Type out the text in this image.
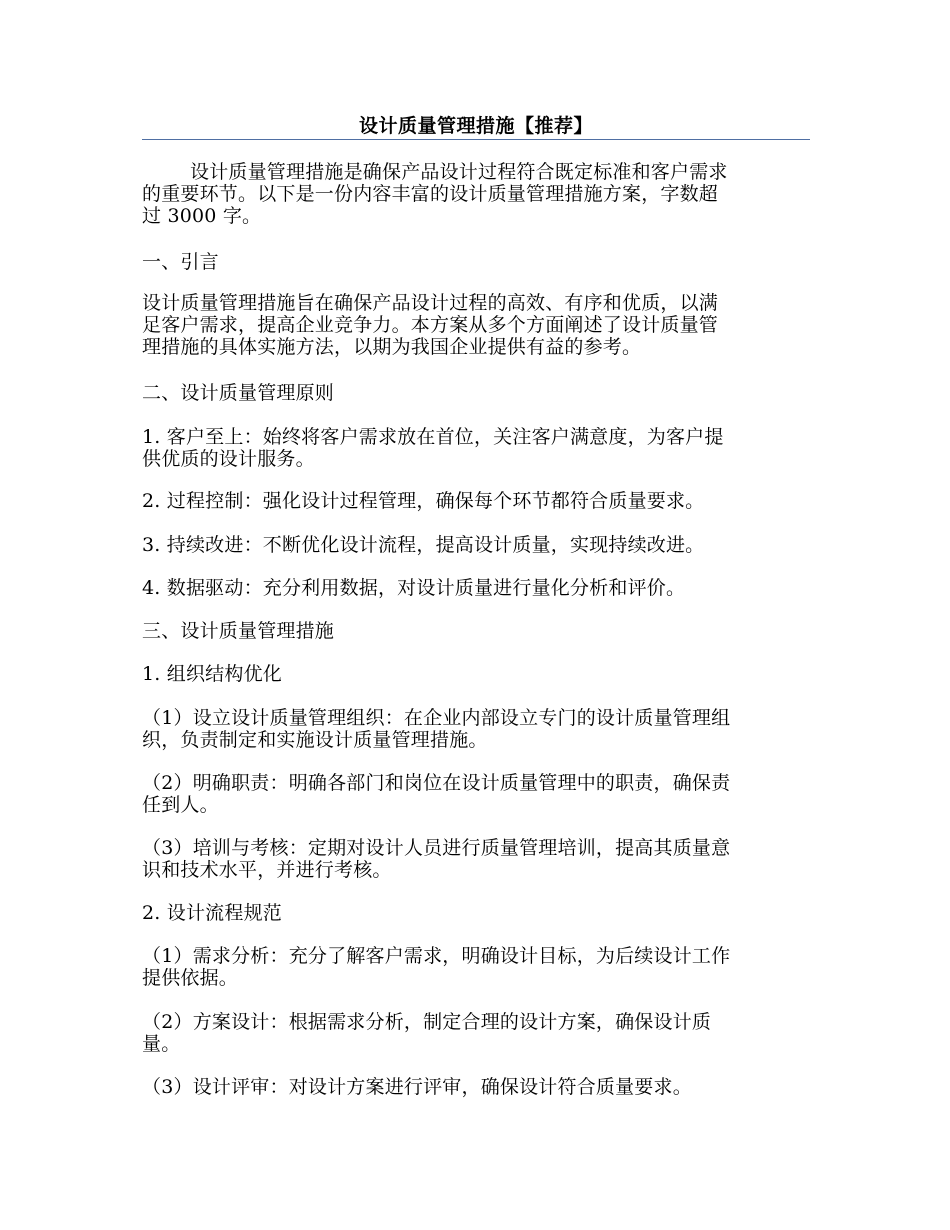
设计质量管理措施【推荐】
设计质量管理措施是确保产品设计过程符合既定标准和客户需求
的重要环节。以下是一份内容丰富的设计质量管理措施方案，字数超
过 3000 字。
一、引言
设计质量管理措施旨在确保产品设计过程的高效、有序和优质，以满
足客户需求，提高企业竞争力。本方案从多个方面阐述了设计质量管
理措施的具体实施方法，以期为我国企业提供有益的参考。
二、设计质量管理原则
1. 客户至上：始终将客户需求放在首位，关注客户满意度，为客户提
供优质的设计服务。
2. 过程控制：强化设计过程管理，确保每个环节都符合质量要求。
3. 持续改进：不断优化设计流程，提高设计质量，实现持续改进。
4. 数据驱动：充分利用数据，对设计质量进行量化分析和评价。
三、设计质量管理措施
1. 组织结构优化
（1）设立设计质量管理组织：在企业内部设立专门的设计质量管理组
织，负责制定和实施设计质量管理措施。
（2）明确职责：明确各部门和岗位在设计质量管理中的职责，确保责
任到人。
（3）培训与考核：定期对设计人员进行质量管理培训，提高其质量意
识和技术水平，并进行考核。
2. 设计流程规范
（1）需求分析：充分了解客户需求，明确设计目标，为后续设计工作
提供依据。
（2）方案设计：根据需求分析，制定合理的设计方案，确保设计质
量。
（3）设计评审：对设计方案进行评审，确保设计符合质量要求。
